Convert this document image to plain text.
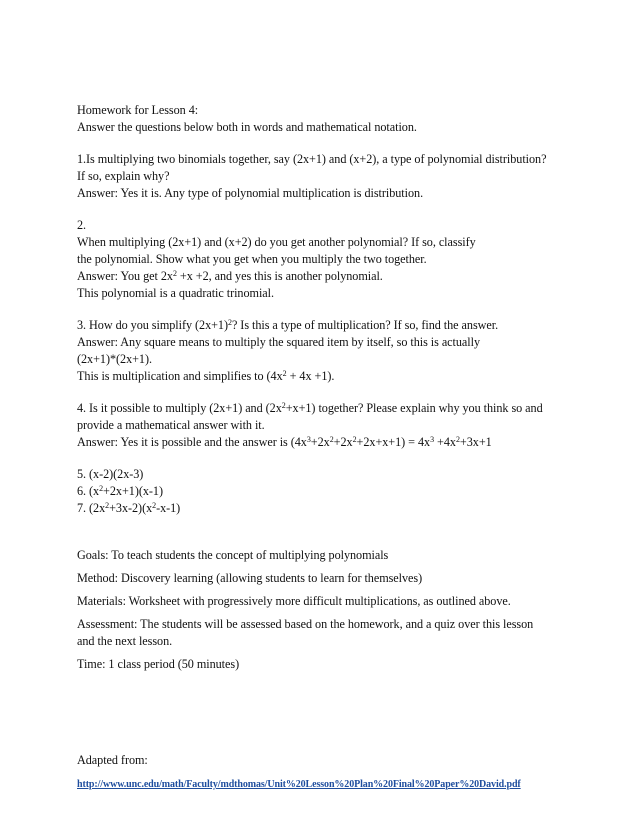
Homework for Lesson 4:

Answer the questions below both in words and mathematical notation.

1.Is multiplying two binomials together, say (2x+1) and (x+2), a type of polynomial distribution?

If so, explain why?

Answer: Yes it is. Any type of polynomial multiplication is distribution.

2.

When multiplying (2x+1) and (x+2) do you get another polynomial? If so, classify

the polynomial. Show what you get when you multiply the two together.

Answer: You get $2x^2 +x +2$, and yes this is another polynomial.

This polynomial is a quadratic trinomial.

3. How do you simplify $(2x+1)^2$? Is this a type of multiplication? If so, find the answer.

Answer: Any square means to multiply the squared item by itself, so this is actually

(2x+1)*(2x+1).

This is multiplication and simplifies to $(4x^2 + 4x +1)$.

4. Is it possible to multiply (2x+1) and $(2x^2+x+1)$ together? Please explain why you think so and

provide a mathematical answer with it.

Answer: Yes it is possible and the answer is $(4x^3+2x^2+2x^2+2x+x+1) = 4x^3 +4x^2+3x+1$

5. (x-2)(2x-3)

6. $(x^2+2x+1)(x-1)$

7. $(2x^2+3x-2)(x^2-x-1)$

Goals: To teach students the concept of multiplying polynomials

Method: Discovery learning (allowing students to learn for themselves)

Materials: Worksheet with progressively more difficult multiplications, as outlined above.

Assessment: The students will be assessed based on the homework, and a quiz over this lesson

and the next lesson.

Time: 1 class period (50 minutes)

Adapted from:

http://www.unc.edu/math/Faculty/mdthomas/Unit%20Lesson%20Plan%20Final%20Paper%20David.pdf
